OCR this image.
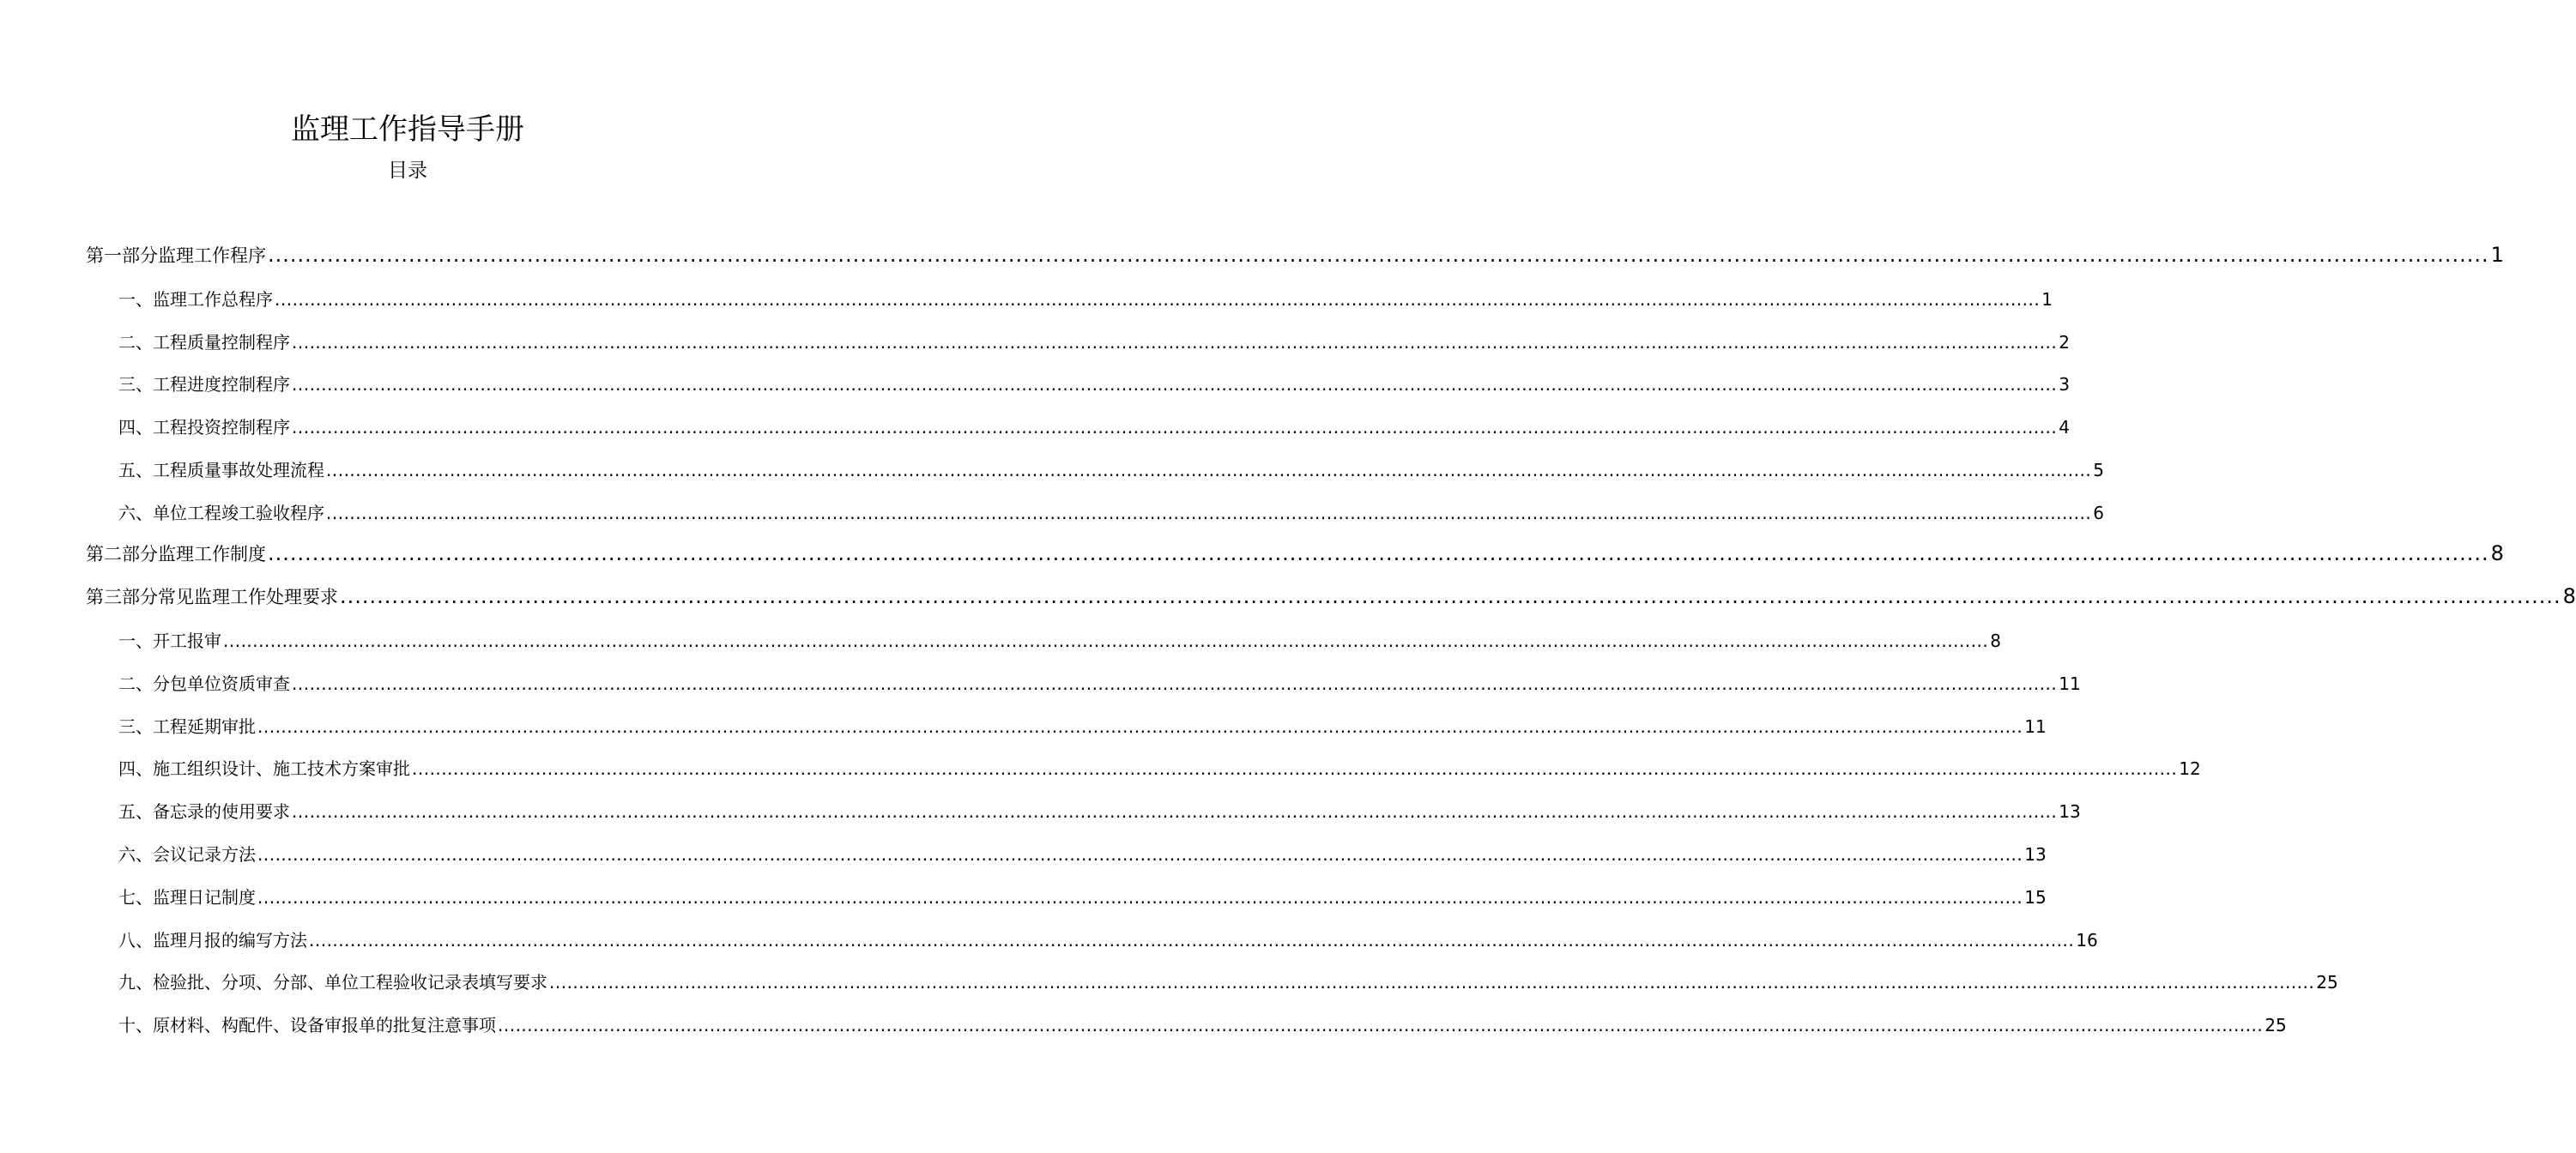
监理工作指导手册
目录
第一部分监理工作程序 ............................................................................................................................................................................................................................................................................................................ 1
一、监理工作总程序 ............................................................................................................................................................................................................................................................................................................ 1
二、工程质量控制程序 ............................................................................................................................................................................................................................................................................................................ 2
三、工程进度控制程序 ............................................................................................................................................................................................................................................................................................................ 3
四、工程投资控制程序 ............................................................................................................................................................................................................................................................................................................ 4
五、工程质量事故处理流程 ............................................................................................................................................................................................................................................................................................................ 5
六、单位工程竣工验收程序 ............................................................................................................................................................................................................................................................................................................ 6
第二部分监理工作制度 ............................................................................................................................................................................................................................................................................................................ 8
第三部分常见监理工作处理要求 ............................................................................................................................................................................................................................................................................................................ 8
一、开工报审 ............................................................................................................................................................................................................................................................................................................ 8
二、分包单位资质审查 ............................................................................................................................................................................................................................................................................................................ 11
三、工程延期审批 ............................................................................................................................................................................................................................................................................................................ 11
四、施工组织设计、施工技术方案审批 ............................................................................................................................................................................................................................................................................................................ 12
五、备忘录的使用要求 ............................................................................................................................................................................................................................................................................................................ 13
六、会议记录方法 ............................................................................................................................................................................................................................................................................................................ 13
七、监理日记制度 ............................................................................................................................................................................................................................................................................................................ 15
八、监理月报的编写方法 ............................................................................................................................................................................................................................................................................................................ 16
九、检验批、分项、分部、单位工程验收记录表填写要求 ............................................................................................................................................................................................................................................................................................................ 25
十、原材料、构配件、设备审报单的批复注意事项 ............................................................................................................................................................................................................................................................................................................ 25
